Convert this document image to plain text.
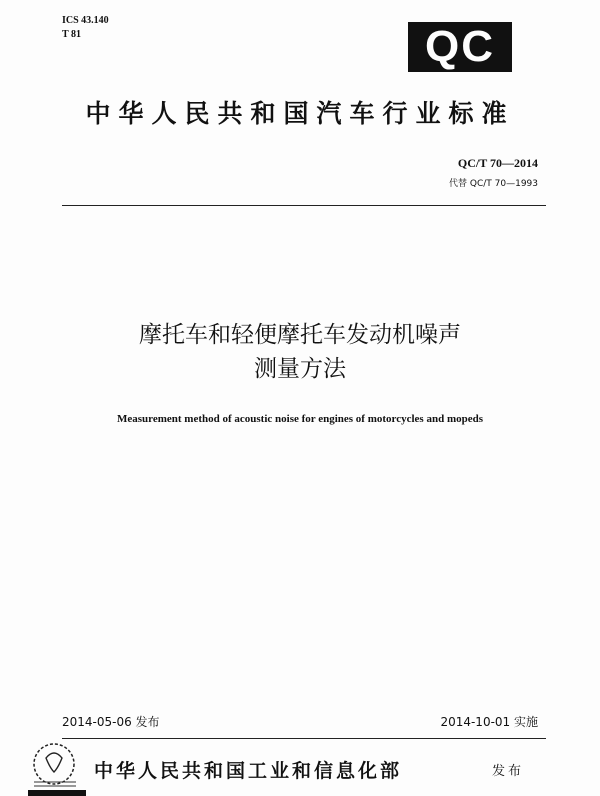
ICS 43.140
T 81	QC
中华人民共和国汽车行业标准
QC/T 70—2014
代替 QC/T 70—1993
摩托车和轻便摩托车发动机噪声
测量方法
Measurement method of acoustic noise for engines of motorcycles and mopeds
2014-05-06 发布	2014-10-01 实施
中华人民共和国工业和信息化部	发布
